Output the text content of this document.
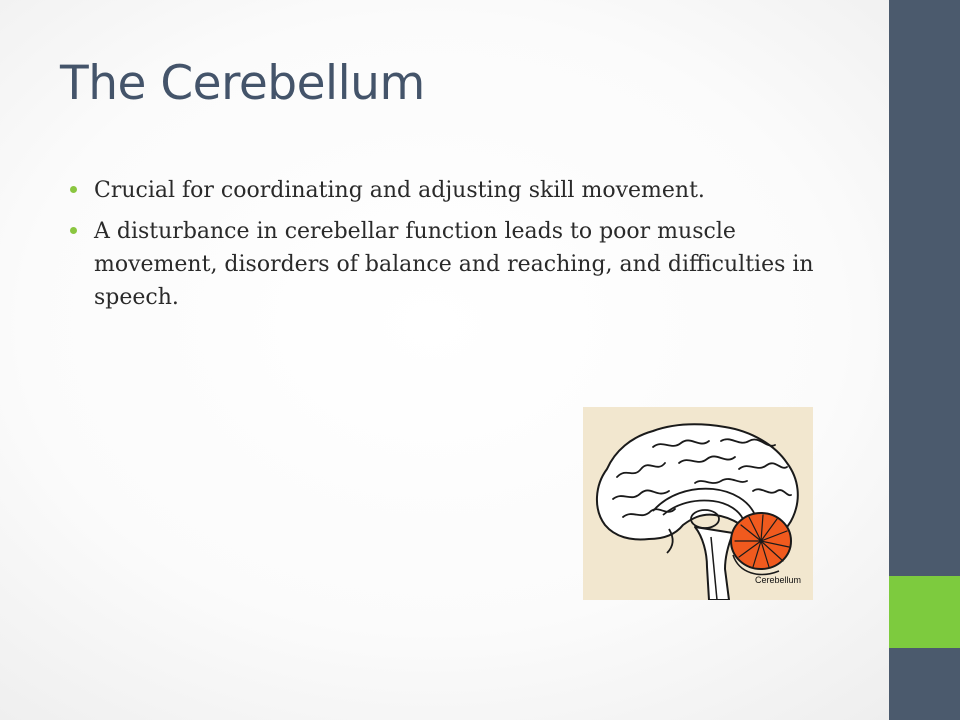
The Cerebellum
Crucial for coordinating and adjusting skill movement.
A disturbance in cerebellar function leads to poor muscle movement, disorders of balance and reaching, and difficulties in speech.
Cerebellum
